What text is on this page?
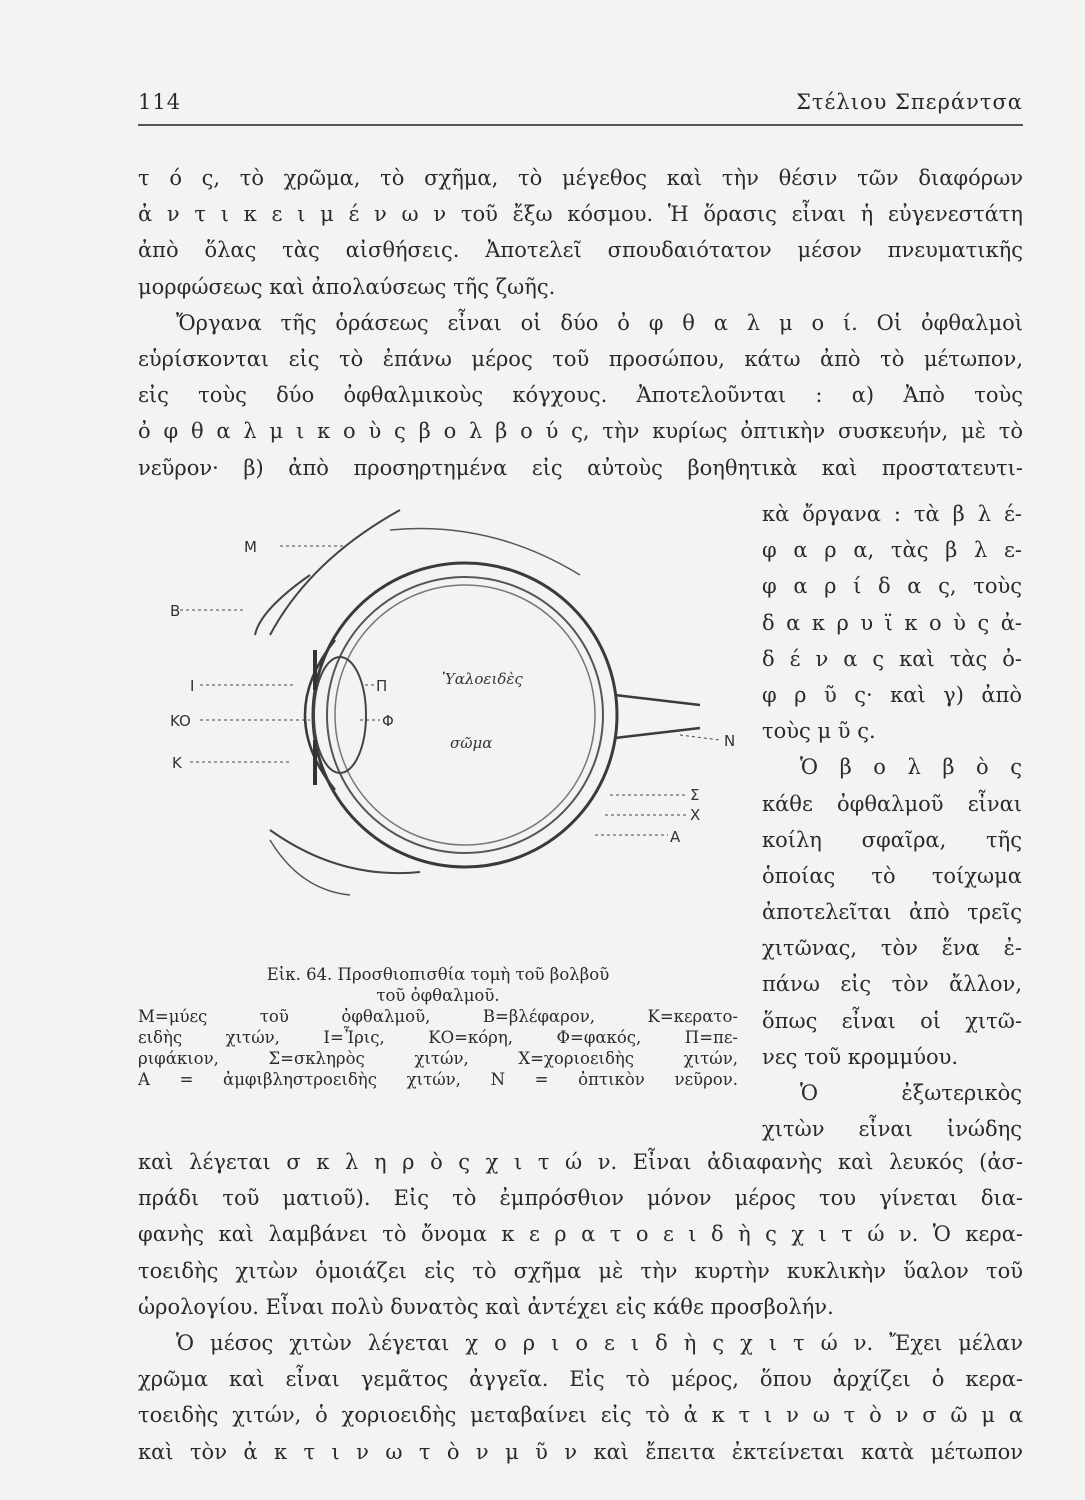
114	Στέλιου Σπεράντσα
τ ό ς, τὸ χρῶμα, τὸ σχῆμα, τὸ μέγεθος καὶ τὴν θέσιν τῶν διαφόρων
ἀ ν τ ι κ ε ι μ έ ν ω ν τοῦ ἔξω κόσμου. Ἡ ὅρασις εἶναι ἡ εὐγενεστάτη
ἀπὸ ὅλας τὰς αἰσθήσεις. Ἀποτελεῖ σπουδαιότατον μέσον πνευματικῆς
μορφώσεως καὶ ἀπολαύσεως τῆς ζωῆς.
Ὄργανα τῆς ὁράσεως εἶναι οἱ δύο ὀ φ θ α λ μ ο ί. Οἱ ὀφθαλμοὶ
εὑρίσκονται εἰς τὸ ἐπάνω μέρος τοῦ προσώπου, κάτω ἀπὸ τὸ μέτωπον,
εἰς τοὺς δύο ὀφθαλμικοὺς κόγχους. Ἀποτελοῦνται : α) Ἀπὸ τοὺς
ὀ φ θ α λ μ ι κ ο ὺ ς β ο λ β ο ύ ς, τὴν κυρίως ὀπτικὴν συσκευήν, μὲ τὸ
νεῦρον· β) ἀπὸ προσηρτημένα εἰς αὐτοὺς βοηθητικὰ καὶ προστατευτι-
κὰ ὄργανα : τὰ β λ έ-
φ α ρ α, τὰς β λ ε-
φ α ρ ί δ α ς, τοὺς
δ α κ ρ υ ϊ κ ο ὺ ς ἀ-
δ έ ν α ς καὶ τὰς ὀ-
φ ρ ῦ ς· καὶ γ) ἀπὸ
τοὺς μ ῦ ς.
Ὁ β ο λ β ὸ ς
κάθε ὀφθαλμοῦ εἶναι
κοίλη σφαῖρα, τῆς
ὁποίας τὸ τοίχωμα
ἀποτελεῖται ἀπὸ τρεῖς
χιτῶνας, τὸν ἕνα ἐ-
πάνω εἰς τὸν ἄλλον,
ὅπως εἶναι οἱ χιτῶ-
νες τοῦ κρομμύου.
Ὁ ἐξωτερικὸς
χιτὼν εἶναι ἰνώδης
M
B
I	Π
KO	Φ
K
N
Σ
X
A
Ὑαλοειδὲς
σῶμα
Εἰκ. 64. Προσθιοπισθία τομὴ τοῦ βολβοῦ
τοῦ ὀφθαλμοῦ.
Μ=μύες τοῦ ὀφθαλμοῦ, Β=βλέφαρον, Κ=κερατο-
ειδὴς χιτών, Ι=Ἶρις, ΚΟ=κόρη, Φ=φακός, Π=πε-
ριφάκιον, Σ=σκληρὸς χιτών, Χ=χοριοειδὴς χιτών,
Α = ἀμφιβληστροειδὴς χιτών, Ν = ὀπτικὸν νεῦρον.
καὶ λέγεται σ κ λ η ρ ὸ ς χ ι τ ώ ν. Εἶναι ἀδιαφανὴς καὶ λευκός (ἀσ-
πράδι τοῦ ματιοῦ). Εἰς τὸ ἐμπρόσθιον μόνον μέρος του γίνεται δια-
φανὴς καὶ λαμβάνει τὸ ὄνομα κ ε ρ α τ ο ε ι δ ὴ ς χ ι τ ώ ν. Ὁ κερα-
τοειδὴς χιτὼν ὁμοιάζει εἰς τὸ σχῆμα μὲ τὴν κυρτὴν κυκλικὴν ὕαλον τοῦ
ὡρολογίου. Εἶναι πολὺ δυνατὸς καὶ ἀντέχει εἰς κάθε προσβολήν.
Ὁ μέσος χιτὼν λέγεται χ ο ρ ι ο ε ι δ ὴ ς χ ι τ ώ ν. Ἔχει μέλαν
χρῶμα καὶ εἶναι γεμᾶτος ἀγγεῖα. Εἰς τὸ μέρος, ὅπου ἀρχίζει ὁ κερα-
τοειδὴς χιτών, ὁ χοριοειδὴς μεταβαίνει εἰς τὸ ἀ κ τ ι ν ω τ ὸ ν σ ῶ μ α
καὶ τὸν ἀ κ τ ι ν ω τ ὸ ν μ ῦ ν καὶ ἔπειτα ἐκτείνεται κατὰ μέτωπον
